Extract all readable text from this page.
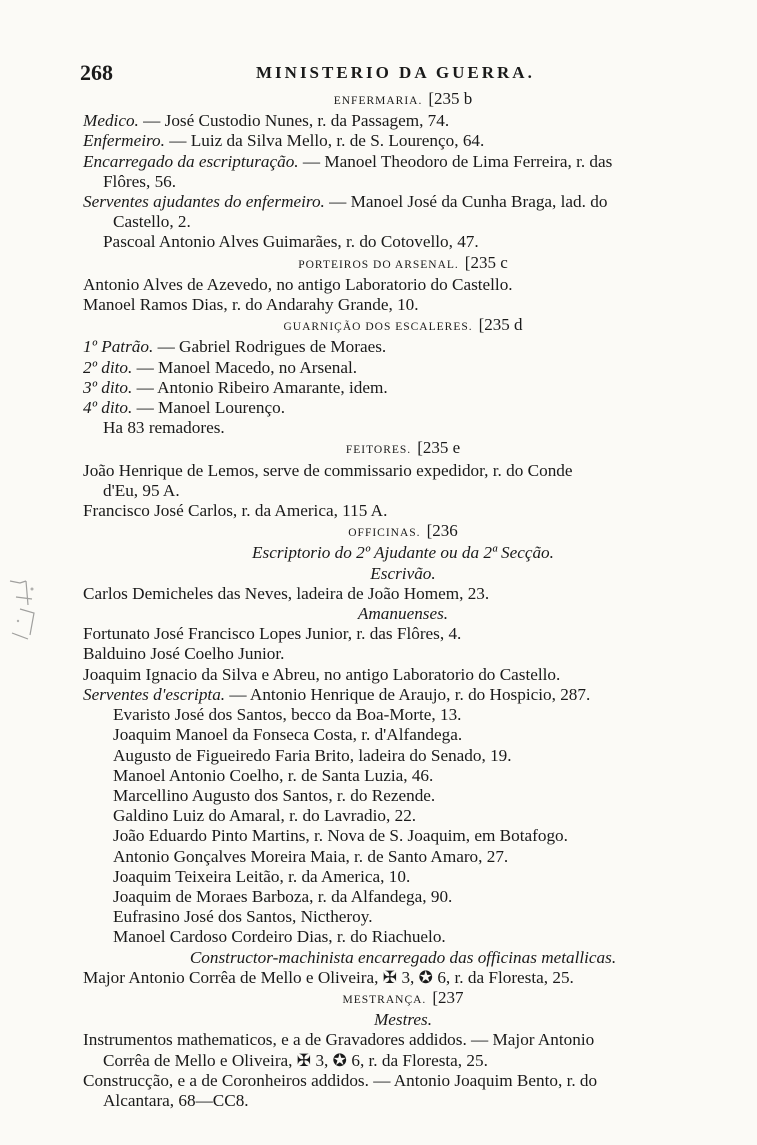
268	MINISTERIO DA GUERRA.
ENFERMARIA. [235 b
Medico. — José Custodio Nunes, r. da Passagem, 74.
Enfermeiro. — Luiz da Silva Mello, r. de S. Lourenço, 64.
Encarregado da escripturação. — Manoel Theodoro de Lima Ferreira, r. das
Flôres, 56.
Serventes ajudantes do enfermeiro. — Manoel José da Cunha Braga, lad. do
Castello, 2.
Pascoal Antonio Alves Guimarães, r. do Cotovello, 47.
PORTEIROS DO ARSENAL. [235 c
Antonio Alves de Azevedo, no antigo Laboratorio do Castello.
Manoel Ramos Dias, r. do Andarahy Grande, 10.
GUARNIÇÃO DOS ESCALERES. [235 d
1º Patrão. — Gabriel Rodrigues de Moraes.
2º dito. — Manoel Macedo, no Arsenal.
3º dito. — Antonio Ribeiro Amarante, idem.
4º dito. — Manoel Lourenço.
Ha 83 remadores.
FEITORES. [235 e
João Henrique de Lemos, serve de commissario expedidor, r. do Conde
d'Eu, 95 A.
Francisco José Carlos, r. da America, 115 A.
OFFICINAS. [236
Escriptorio do 2º Ajudante ou da 2ª Secção.
Escrivão.
Carlos Demicheles das Neves, ladeira de João Homem, 23.
Amanuenses.
Fortunato José Francisco Lopes Junior, r. das Flôres, 4.
Balduino José Coelho Junior.
Joaquim Ignacio da Silva e Abreu, no antigo Laboratorio do Castello.
Serventes d'escripta. — Antonio Henrique de Araujo, r. do Hospicio, 287.
Evaristo José dos Santos, becco da Boa-Morte, 13.
Joaquim Manoel da Fonseca Costa, r. d'Alfandega.
Augusto de Figueiredo Faria Brito, ladeira do Senado, 19.
Manoel Antonio Coelho, r. de Santa Luzia, 46.
Marcellino Augusto dos Santos, r. do Rezende.
Galdino Luiz do Amaral, r. do Lavradio, 22.
João Eduardo Pinto Martins, r. Nova de S. Joaquim, em Botafogo.
Antonio Gonçalves Moreira Maia, r. de Santo Amaro, 27.
Joaquim Teixeira Leitão, r. da America, 10.
Joaquim de Moraes Barboza, r. da Alfandega, 90.
Eufrasino José dos Santos, Nictheroy.
Manoel Cardoso Cordeiro Dias, r. do Riachuelo.
Constructor-machinista encarregado das officinas metallicas.
Major Antonio Corrêa de Mello e Oliveira, ✠ 3, ✪ 6, r. da Floresta, 25.
MESTRANÇA. [237
Mestres.
Instrumentos mathematicos, e a de Gravadores addidos. — Major Antonio
Corrêa de Mello e Oliveira, ✠ 3, ✪ 6, r. da Floresta, 25.
Construcção, e a de Coronheiros addidos. — Antonio Joaquim Bento, r. do
Alcantara, 68—CC8.
